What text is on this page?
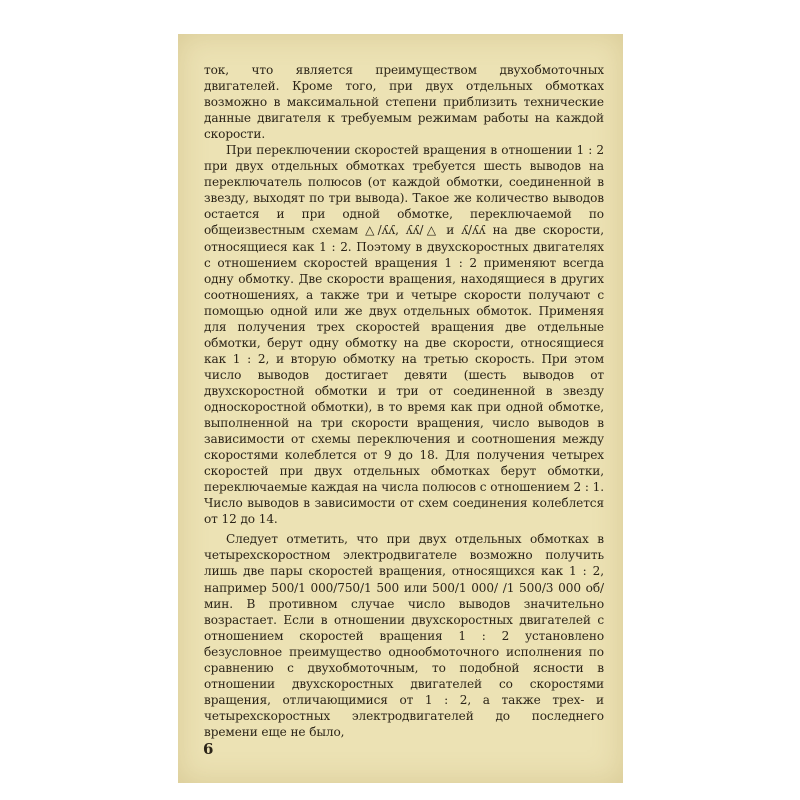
ток, что является преимуществом двухобмоточных двигателей. Кроме того, при двух отдельных обмотках возможно в максимальной степени приблизить технические данные двигателя к требуемым режимам работы на каждой скорости.

При переключении скоростей вращения в отношении 1 : 2 при двух отдельных обмотках требуется шесть выводов на переключатель полюсов (от каждой обмотки, соединенной в звезду, выходят по три вывода). Такое же количество выводов остается и при одной обмотке, переключаемой по общеизвестным схемам △/ʎʎ, ʎʎ/△ и ʎ/ʎʎ на две скорости, относящиеся как 1 : 2. Поэтому в двухскоростных двигателях с отношением скоростей вращения 1 : 2 применяют всегда одну обмотку. Две скорости вращения, находящиеся в других соотношениях, а также три и четыре скорости получают с помощью одной или же двух отдельных обмоток. Применяя для получения трех скоростей вращения две отдельные обмотки, берут одну обмотку на две скорости, относящиеся как 1 : 2, и вторую обмотку на третью скорость. При этом число выводов достигает девяти (шесть выводов от двухскоростной обмотки и три от соединенной в звезду односкоростной обмотки), в то время как при одной обмотке, выполненной на три скорости вращения, число выводов в зависимости от схемы переключения и соотношения между скоростями колеблется от 9 до 18. Для получения четырех скоростей при двух отдельных обмотках берут обмотки, переключаемые каждая на числа полюсов с отношением 2 : 1. Число выводов в зависимости от схем соединения колеблется от 12 до 14.

Следует отметить, что при двух отдельных обмотках в четырехскоростном электродвигателе возможно получить лишь две пары скоростей вращения, относящихся как 1 : 2, например 500/1 000/750/1 500 или 500/1 000/ /1 500/3 000 об/мин. В противном случае число выводов значительно возрастает. Если в отношении двухскоростных двигателей с отношением скоростей вращения 1 : 2 установлено безусловное преимущество однообмоточного исполнения по сравнению с двухобмоточным, то подобной ясности в отношении двухскоростных двигателей со скоростями вращения, отличающимися от 1 : 2, а также трех- и четырехскоростных электродвигателей до последнего времени еще не было,

6
